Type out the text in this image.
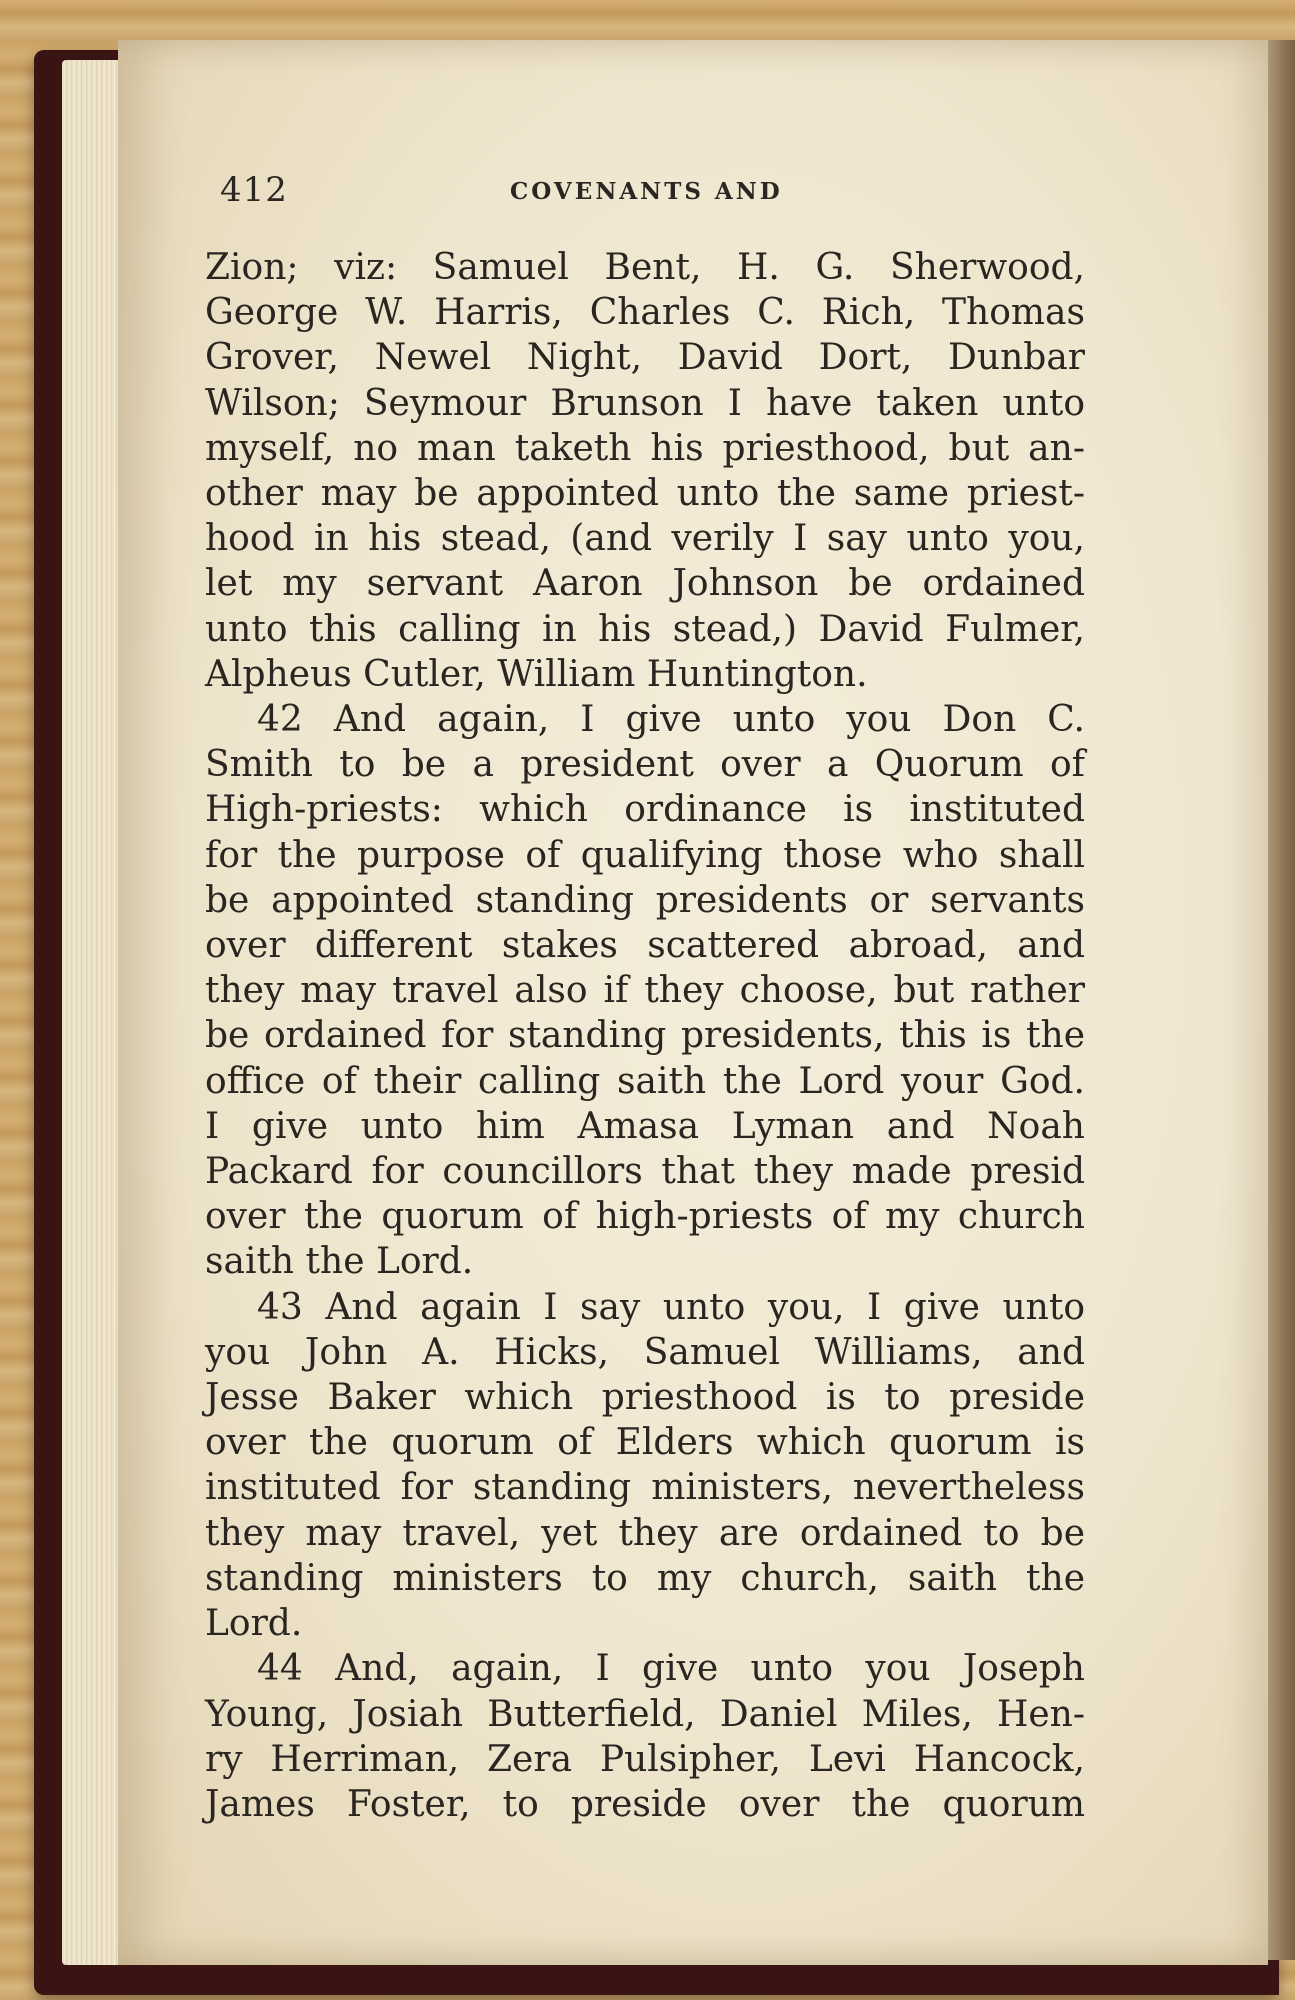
412	COVENANTS AND
Zion; viz: Samuel Bent, H. G. Sherwood,
George W. Harris, Charles C. Rich, Thomas
Grover, Newel Night, David Dort, Dunbar
Wilson; Seymour Brunson I have taken unto
myself, no man taketh his priesthood, but an-
other may be appointed unto the same priest-
hood in his stead, (and verily I say unto you,
let my servant Aaron Johnson be ordained
unto this calling in his stead,) David Fulmer,
Alpheus Cutler, William Huntington.
42 And again, I give unto you Don C.
Smith to be a president over a Quorum of
High-priests: which ordinance is instituted
for the purpose of qualifying those who shall
be appointed standing presidents or servants
over different stakes scattered abroad, and
they may travel also if they choose, but rather
be ordained for standing presidents, this is the
office of their calling saith the Lord your God.
I give unto him Amasa Lyman and Noah
Packard for councillors that they made presid
over the quorum of high-priests of my church
saith the Lord.
43 And again I say unto you, I give unto
you John A. Hicks, Samuel Williams, and
Jesse Baker which priesthood is to preside
over the quorum of Elders which quorum is
instituted for standing ministers, nevertheless
they may travel, yet they are ordained to be
standing ministers to my church, saith the
Lord.
44 And, again, I give unto you Joseph
Young, Josiah Butterfield, Daniel Miles, Hen-
ry Herriman, Zera Pulsipher, Levi Hancock,
James Foster, to preside over the quorum
